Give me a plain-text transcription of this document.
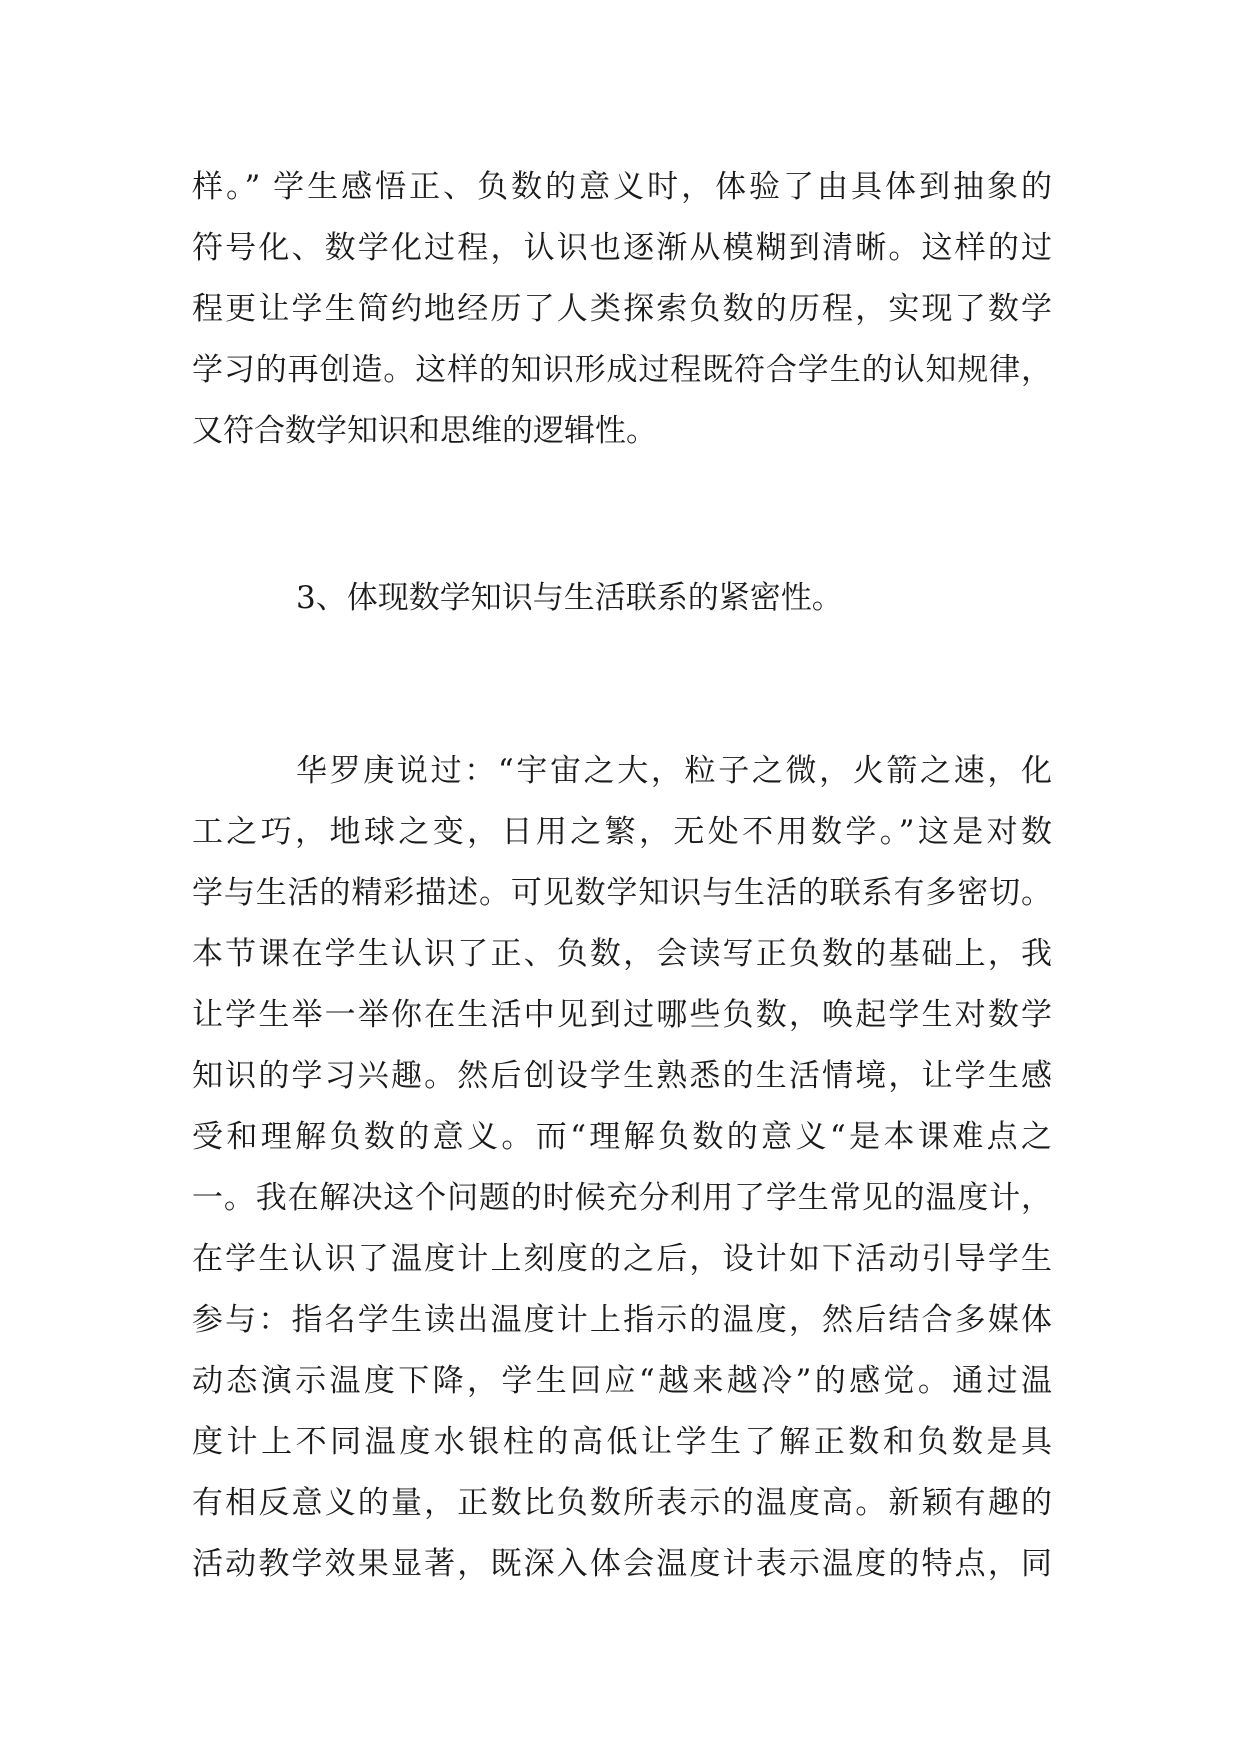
样。” 学生感悟正、负数的意义时，体验了由具体到抽象的
符号化、数学化过程，认识也逐渐从模糊到清晰。这样的过
程更让学生简约地经历了人类探索负数的历程，实现了数学
学习的再创造。这样的知识形成过程既符合学生的认知规律，
又符合数学知识和思维的逻辑性。

3、体现数学知识与生活联系的紧密性。

华罗庚说过：“宇宙之大，粒子之微，火箭之速，化
工之巧，地球之变，日用之繁，无处不用数学。”这是对数
学与生活的精彩描述。可见数学知识与生活的联系有多密切。
本节课在学生认识了正、负数，会读写正负数的基础上，我
让学生举一举你在生活中见到过哪些负数，唤起学生对数学
知识的学习兴趣。然后创设学生熟悉的生活情境，让学生感
受和理解负数的意义。而“理解负数的意义“是本课难点之
一。我在解决这个问题的时候充分利用了学生常见的温度计，
在学生认识了温度计上刻度的之后，设计如下活动引导学生
参与：指名学生读出温度计上指示的温度，然后结合多媒体
动态演示温度下降，学生回应“越来越冷”的感觉。通过温
度计上不同温度水银柱的高低让学生了解正数和负数是具
有相反意义的量，正数比负数所表示的温度高。新颖有趣的
活动教学效果显著，既深入体会温度计表示温度的特点，同
